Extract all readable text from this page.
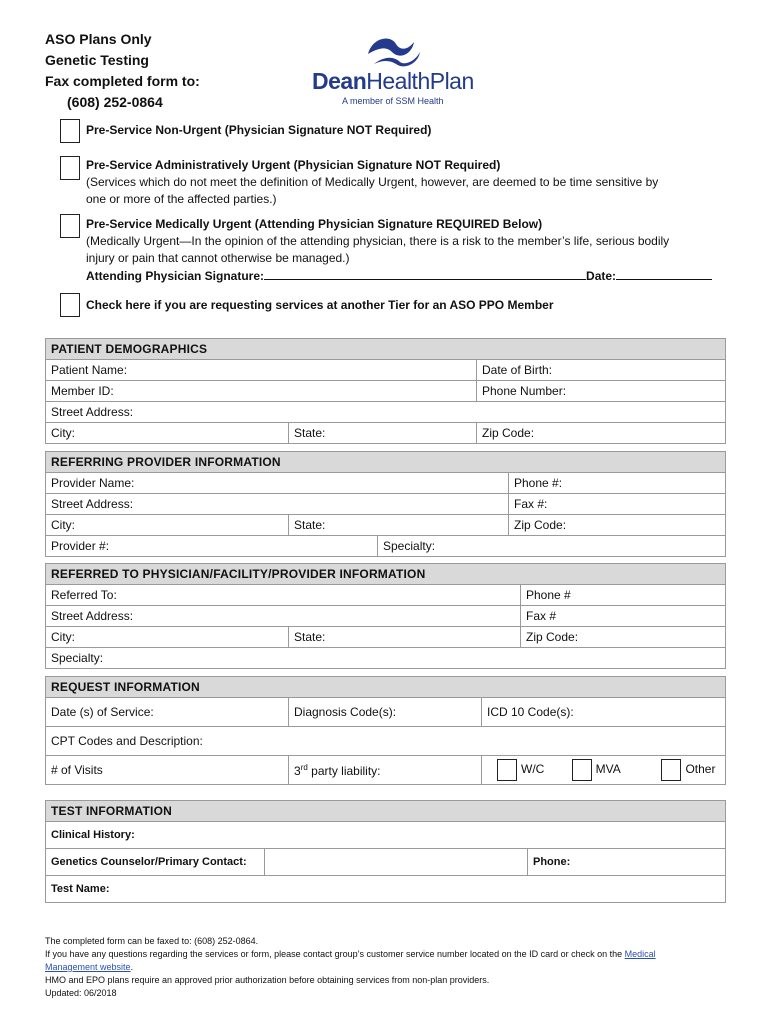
ASO Plans Only
Genetic Testing
Fax completed form to:
(608) 252-0864
DeanHealthPlan
A member of SSM Health
Pre-Service Non-Urgent (Physician Signature NOT Required)
Pre-Service Administratively Urgent (Physician Signature NOT Required)
(Services which do not meet the definition of Medically Urgent, however, are deemed to be time sensitive by
one or more of the affected parties.)
Pre-Service Medically Urgent (Attending Physician Signature REQUIRED Below)
(Medically Urgent—In the opinion of the attending physician, there is a risk to the member’s life, serious bodily
injury or pain that cannot otherwise be managed.)
Attending Physician Signature:	Date:
Check here if you are requesting services at another Tier for an ASO PPO Member
PATIENT DEMOGRAPHICS		
Patient Name:		Date of Birth:
Member ID:		Phone Number:
Street Address:		
City:	State:	Zip Code:
REFERRING PROVIDER INFORMATION			
Provider Name:			Phone #:
Street Address:			Fax #:
City:	State:		Zip Code:
Provider #:		Specialty:	
REFERRED TO PHYSICIAN/FACILITY/PROVIDER INFORMATION		
Referred To:		Phone #
Street Address:		Fax #
City:	State:	Zip Code:
Specialty:		
REQUEST INFORMATION		
Date (s) of Service:	Diagnosis Code(s):	ICD 10 Code(s):
CPT Codes and Description:		
# of Visits	3rd party liability:	W/C MVA Other
TEST INFORMATION
Clinical History:
Genetics Counselor/Primary Contact:		Phone:
Test Name:
The completed form can be faxed to: (608) 252-0864.
If you have any questions regarding the services or form, please contact group’s customer service number located on the ID card or check on the Medical
Management website.
HMO and EPO plans require an approved prior authorization before obtaining services from non-plan providers.
Updated: 06/2018
